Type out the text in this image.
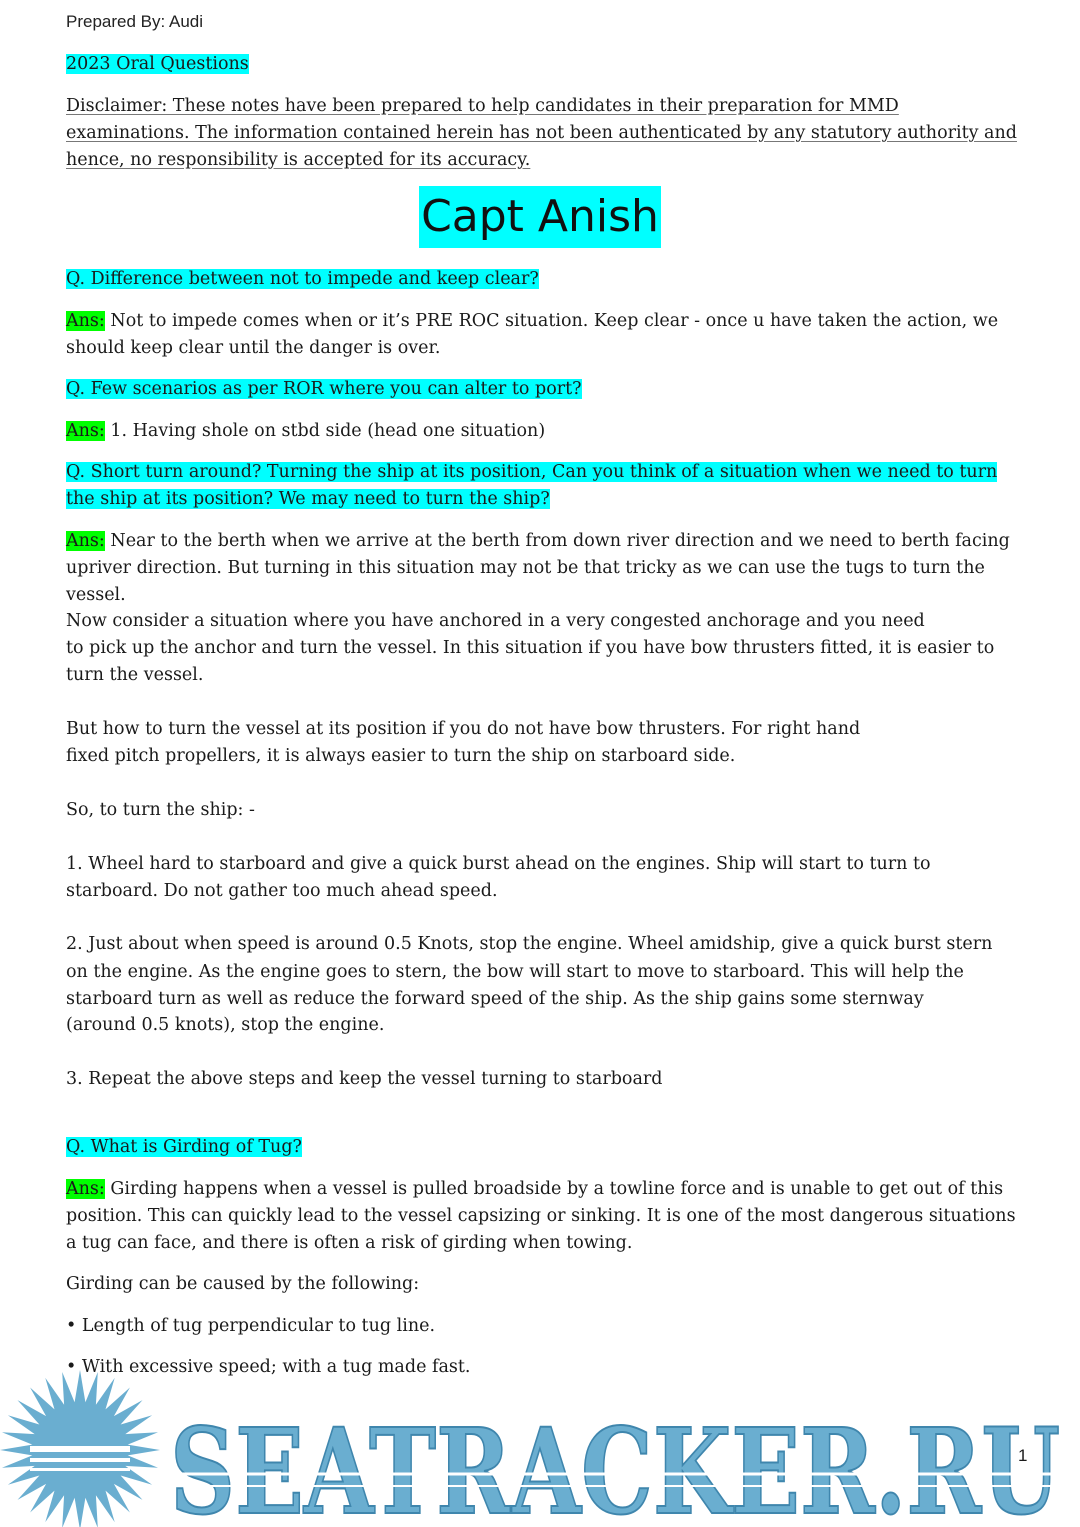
Prepared By: Audi

2023 Oral Questions

Disclaimer: These notes have been prepared to help candidates in their preparation for MMD examinations. The information contained herein has not been authenticated by any statutory authority and hence, no responsibility is accepted for its accuracy.

Capt Anish

Q. Difference between not to impede and keep clear?

Ans: Not to impede comes when or it’s PRE ROC situation. Keep clear - once u have taken the action, we should keep clear until the danger is over.

Q. Few scenarios as per ROR where you can alter to port?

Ans: 1. Having shole on stbd side (head one situation)

Q. Short turn around? Turning the ship at its position, Can you think of a situation when we need to turn the ship at its position? We may need to turn the ship?

Ans: Near to the berth when we arrive at the berth from down river direction and we need to berth facing upriver direction. But turning in this situation may not be that tricky as we can use the tugs to turn the vessel.

Now consider a situation where you have anchored in a very congested anchorage and you need

to pick up the anchor and turn the vessel. In this situation if you have bow thrusters fitted, it is easier to turn the vessel.

But how to turn the vessel at its position if you do not have bow thrusters. For right hand

fixed pitch propellers, it is always easier to turn the ship on starboard side.

So, to turn the ship: -

1. Wheel hard to starboard and give a quick burst ahead on the engines. Ship will start to turn to starboard. Do not gather too much ahead speed.

2. Just about when speed is around 0.5 Knots, stop the engine. Wheel amidship, give a quick burst stern

on the engine. As the engine goes to stern, the bow will start to move to starboard. This will help the starboard turn as well as reduce the forward speed of the ship. As the ship gains some sternway

(around 0.5 knots), stop the engine.

3. Repeat the above steps and keep the vessel turning to starboard

Q. What is Girding of Tug?

Ans: Girding happens when a vessel is pulled broadside by a towline force and is unable to get out of this position. This can quickly lead to the vessel capsizing or sinking. It is one of the most dangerous situations a tug can face, and there is often a risk of girding when towing.

Girding can be caused by the following:

• Length of tug perpendicular to tug line.

• With excessive speed; with a tug made fast.

SEATRACKER.RU
1
